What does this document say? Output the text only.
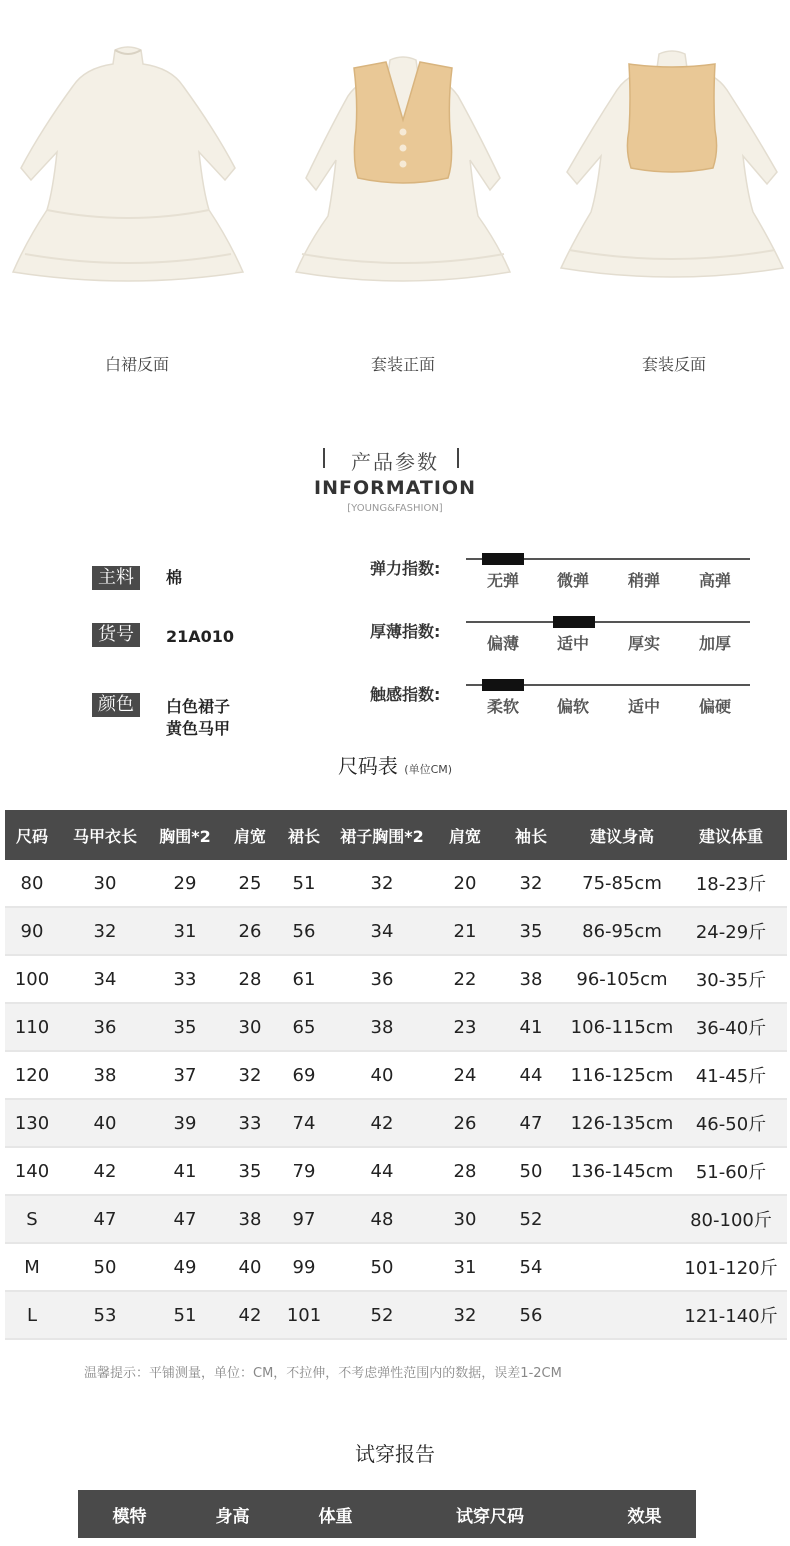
白裙反面	套装正面	套装反面
产品参数
INFORMATION
[YOUNG&FASHION]
主料	棉
货号	21A010
颜色	白色裙子
黄色马甲
弹力指数:
无弹	微弹	稍弹	高弹
厚薄指数:
偏薄	适中	厚实	加厚
触感指数:
柔软	偏软	适中	偏硬
尺码表 (单位CM)
尺码	马甲衣长	胸围*2	肩宽	裙长	裙子胸围*2	肩宽	袖长	建议身高	建议体重
80	30	29	25	51	32	20	32	75-85cm	18-23斤
90	32	31	26	56	34	21	35	86-95cm	24-29斤
100	34	33	28	61	36	22	38	96-105cm	30-35斤
110	36	35	30	65	38	23	41	106-115cm	36-40斤
120	38	37	32	69	40	24	44	116-125cm	41-45斤
130	40	39	33	74	42	26	47	126-135cm	46-50斤
140	42	41	35	79	44	28	50	136-145cm	51-60斤
S	47	47	38	97	48	30	52		80-100斤
M	50	49	40	99	50	31	54		101-120斤
L	53	51	42	101	52	32	56		121-140斤
温馨提示：平铺测量，单位：CM，不拉伸，不考虑弹性范围内的数据，误差1-2CM
试穿报告
模特	身高	体重	试穿尺码	效果
